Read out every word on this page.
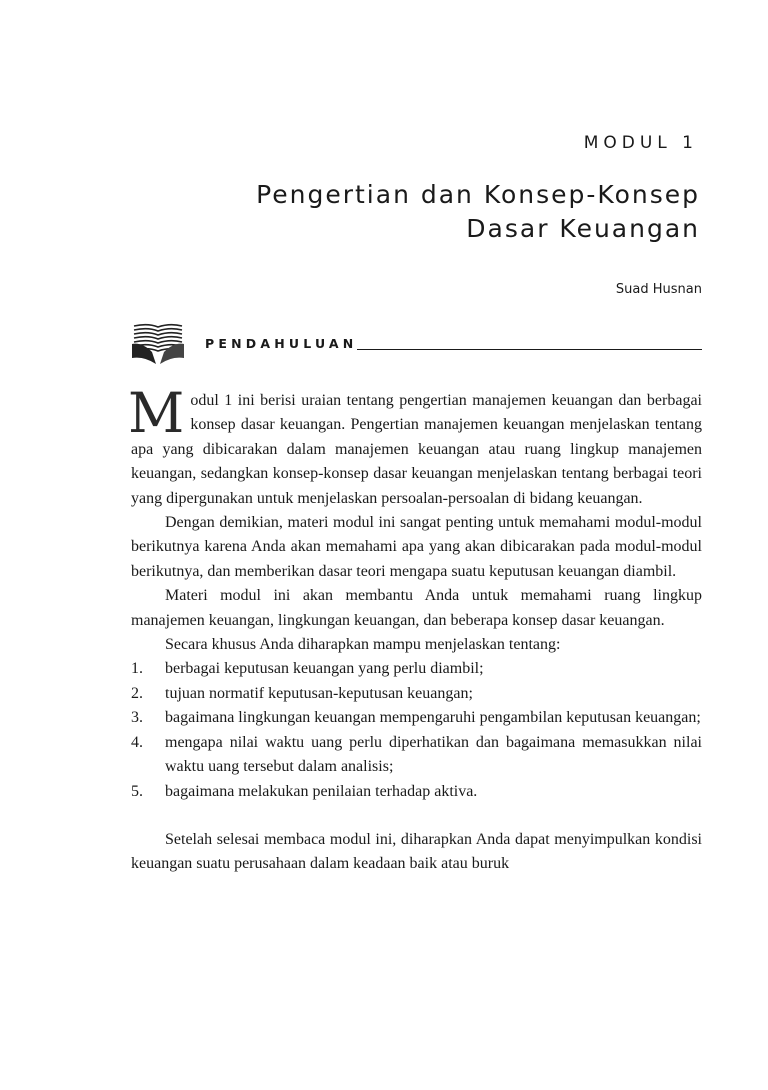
MODUL 1
Pengertian dan Konsep-Konsep
Dasar Keuangan
Suad Husnan
PENDAHULUAN

Modul 1 ini berisi uraian tentang pengertian manajemen keuangan dan berbagai konsep dasar keuangan. Pengertian manajemen keuangan menjelaskan tentang apa yang dibicarakan dalam manajemen keuangan atau ruang lingkup manajemen keuangan, sedangkan konsep-konsep dasar keuangan menjelaskan tentang berbagai teori yang dipergunakan untuk menjelaskan persoalan-persoalan di bidang keuangan.

Dengan demikian, materi modul ini sangat penting untuk memahami modul-modul berikutnya karena Anda akan memahami apa yang akan dibicarakan pada modul-modul berikutnya, dan memberikan dasar teori mengapa suatu keputusan keuangan diambil.

Materi modul ini akan membantu Anda untuk memahami ruang lingkup manajemen keuangan, lingkungan keuangan, dan beberapa konsep dasar keuangan.

Secara khusus Anda diharapkan mampu menjelaskan tentang:

1. berbagai keputusan keuangan yang perlu diambil;
2. tujuan normatif keputusan-keputusan keuangan;
3. bagaimana lingkungan keuangan mempengaruhi pengambilan keputusan keuangan;
4. mengapa nilai waktu uang perlu diperhatikan dan bagaimana memasukkan nilai waktu uang tersebut dalam analisis;
5. bagaimana melakukan penilaian terhadap aktiva.

Setelah selesai membaca modul ini, diharapkan Anda dapat menyimpulkan kondisi keuangan suatu perusahaan dalam keadaan baik atau buruk
